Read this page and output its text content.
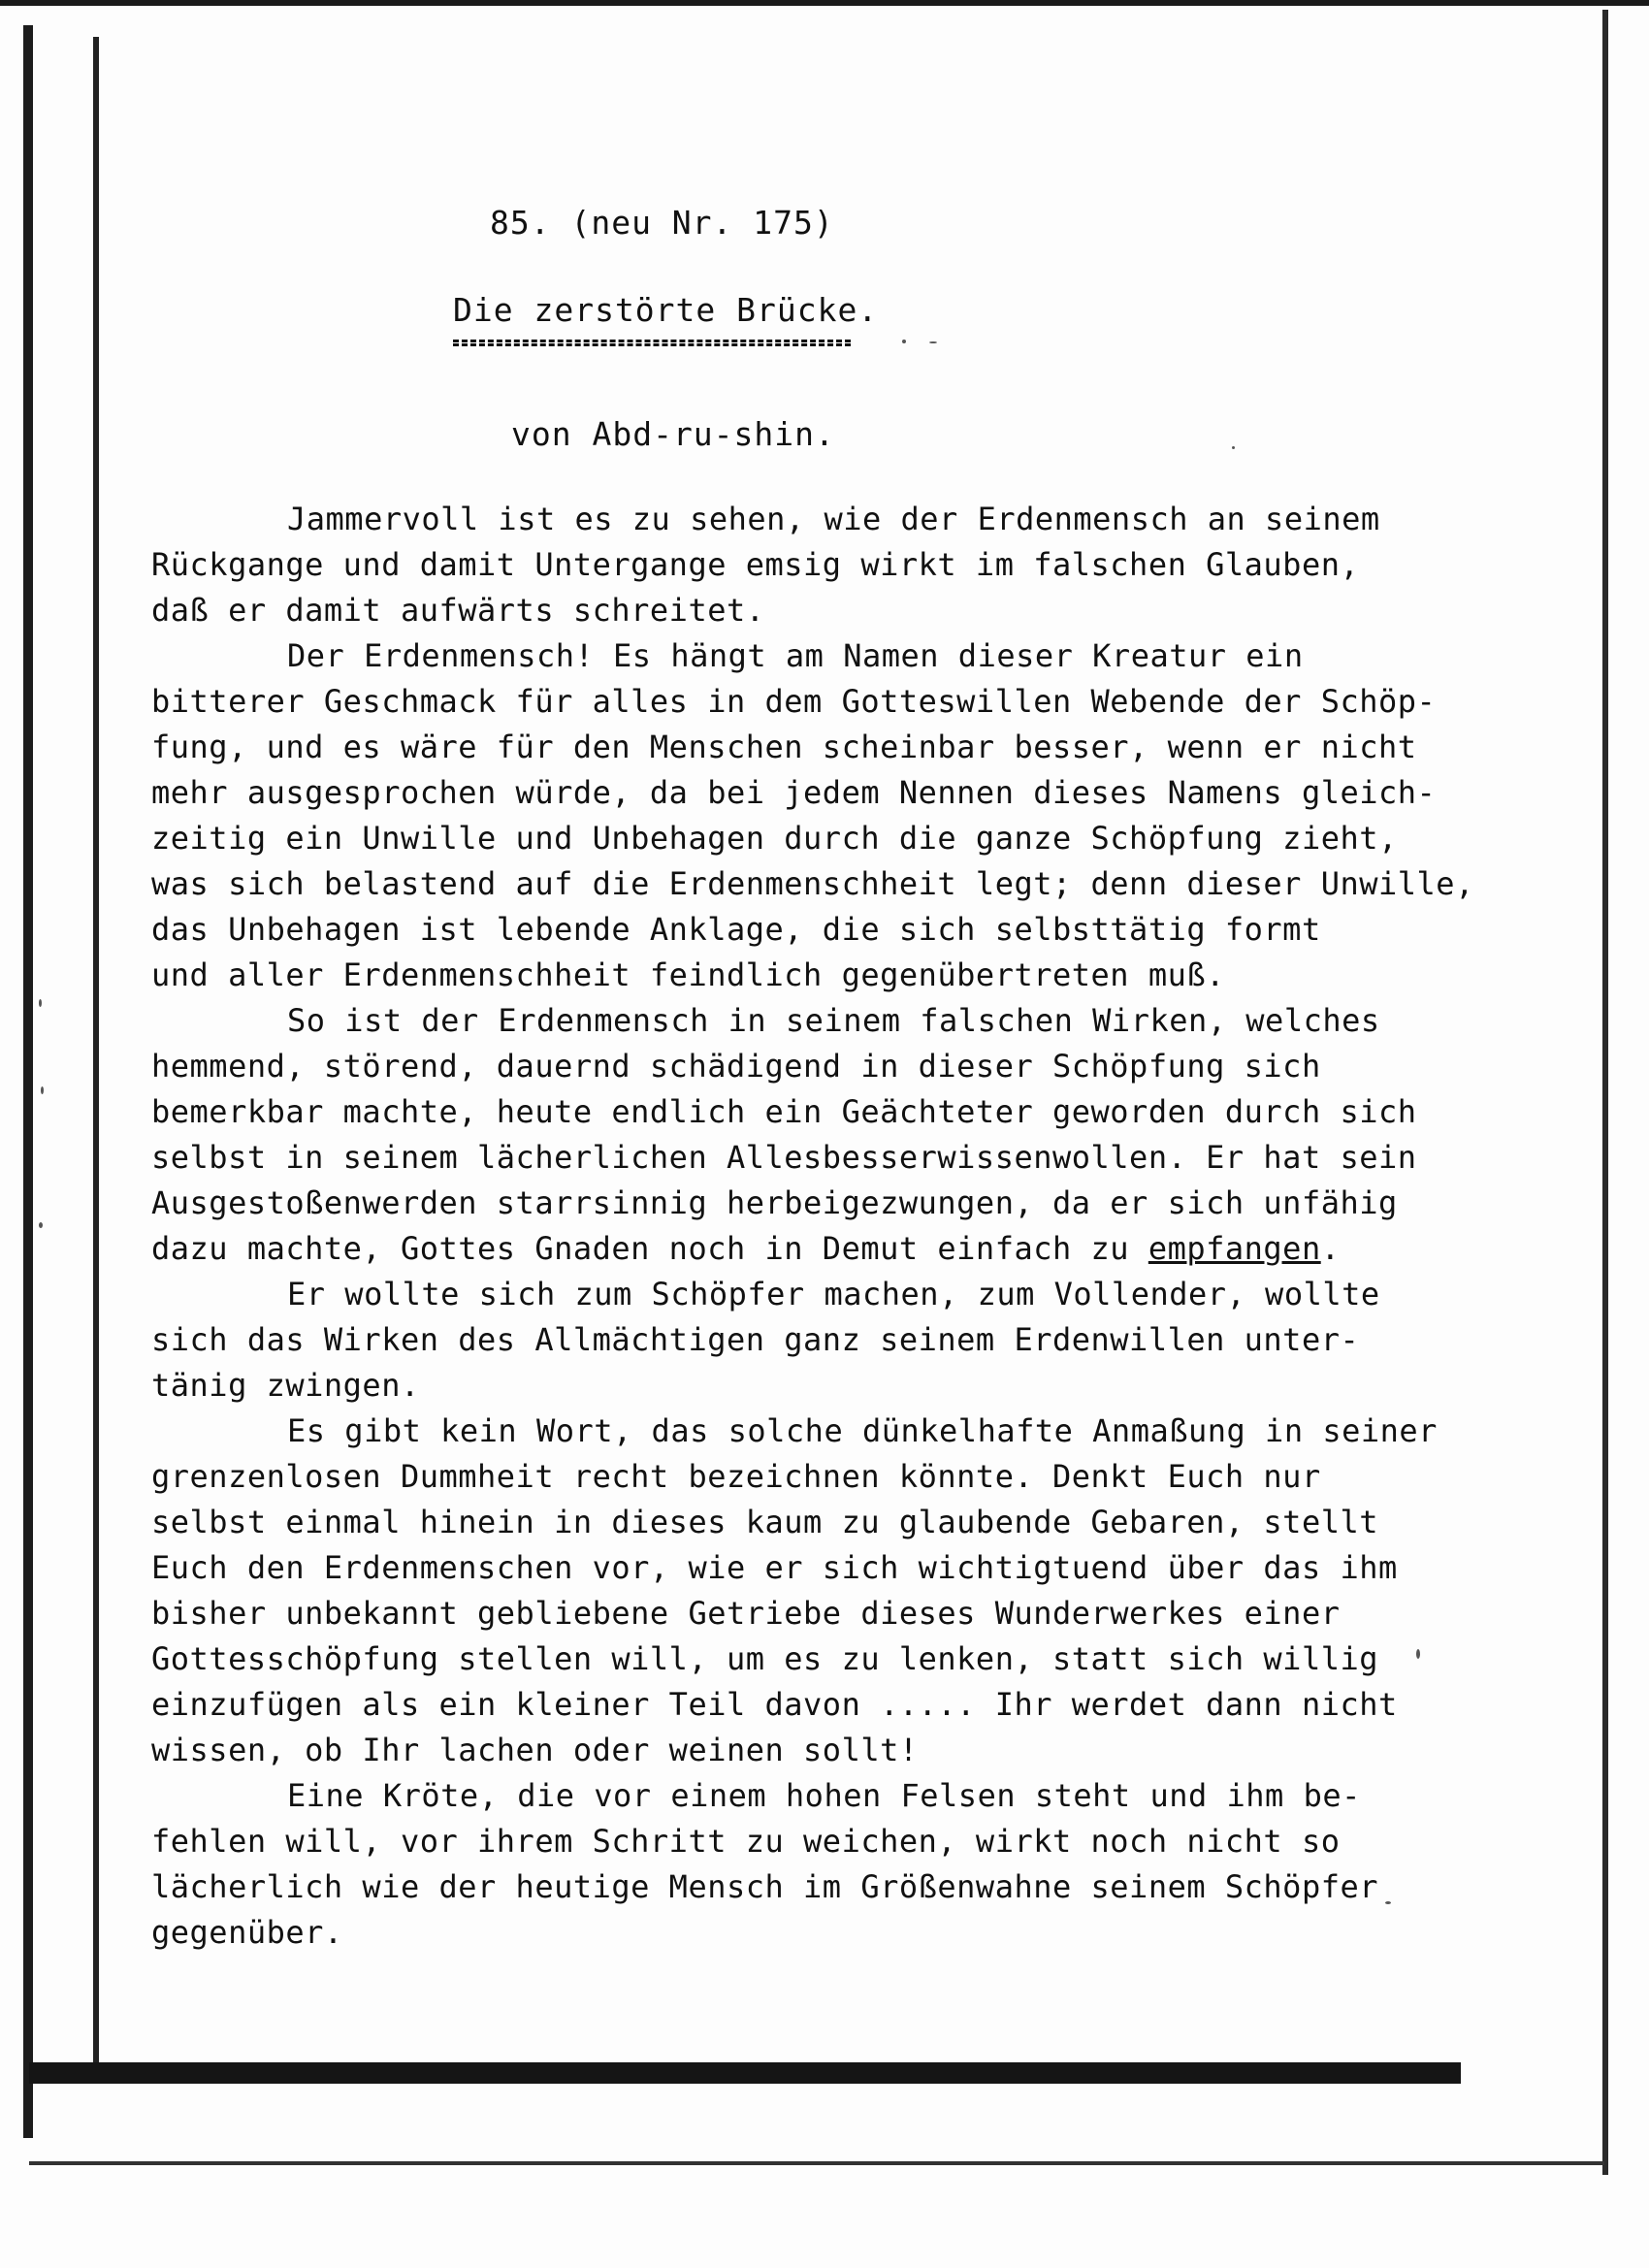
85. (neu Nr. 175)
Die zerstörte Brücke.
von Abd-ru-shin.
Jammervoll ist es zu sehen, wie der Erdenmensch an seinem
Rückgange und damit Untergange emsig wirkt im falschen Glauben,
daß er damit aufwärts schreitet.
Der Erdenmensch! Es hängt am Namen dieser Kreatur ein
bitterer Geschmack für alles in dem Gotteswillen Webende der Schöp-
fung, und es wäre für den Menschen scheinbar besser, wenn er nicht
mehr ausgesprochen würde, da bei jedem Nennen dieses Namens gleich-
zeitig ein Unwille und Unbehagen durch die ganze Schöpfung zieht,
was sich belastend auf die Erdenmenschheit legt; denn dieser Unwille,
das Unbehagen ist lebende Anklage, die sich selbsttätig formt
und aller Erdenmenschheit feindlich gegenübertreten muß.
So ist der Erdenmensch in seinem falschen Wirken, welches
hemmend, störend, dauernd schädigend in dieser Schöpfung sich
bemerkbar machte, heute endlich ein Geächteter geworden durch sich
selbst in seinem lächerlichen Allesbesserwissenwollen. Er hat sein
Ausgestoßenwerden starrsinnig herbeigezwungen, da er sich unfähig
dazu machte, Gottes Gnaden noch in Demut einfach zu empfangen.
Er wollte sich zum Schöpfer machen, zum Vollender, wollte
sich das Wirken des Allmächtigen ganz seinem Erdenwillen unter-
tänig zwingen.
Es gibt kein Wort, das solche dünkelhafte Anmaßung in seiner
grenzenlosen Dummheit recht bezeichnen könnte. Denkt Euch nur
selbst einmal hinein in dieses kaum zu glaubende Gebaren, stellt
Euch den Erdenmenschen vor, wie er sich wichtigtuend über das ihm
bisher unbekannt gebliebene Getriebe dieses Wunderwerkes einer
Gottesschöpfung stellen will, um es zu lenken, statt sich willig
einzufügen als ein kleiner Teil davon ..... Ihr werdet dann nicht
wissen, ob Ihr lachen oder weinen sollt!
Eine Kröte, die vor einem hohen Felsen steht und ihm be-
fehlen will, vor ihrem Schritt zu weichen, wirkt noch nicht so
lächerlich wie der heutige Mensch im Größenwahne seinem Schöpfer
gegenüber.
